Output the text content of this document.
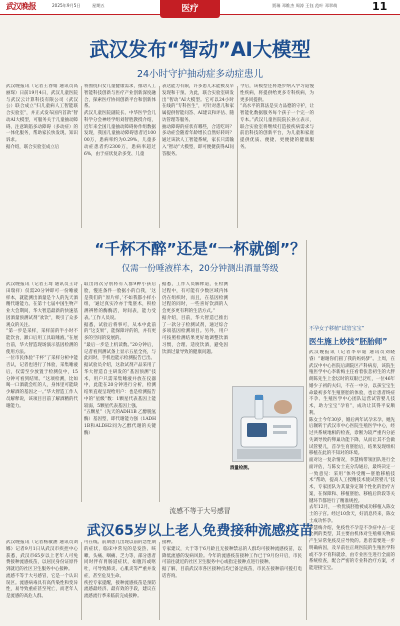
武汉晚报	2025年9月5日	星期五	医疗	贾瑞 邓维杰 周涛 王钰 范叶 邓翠萌	11
武汉发布“智动”AI大模型
24小时守护抽动症多动症患儿
武汉晚报讯（记者王春娟 通讯员高丽琛）日前19月4日，武汉儿童医院与武汉云计算科技有限公司（武汉公）联合成立“归儿童病人工智能联合实验室”，并正式发布国内首款“智动AI大模型，可服务关于儿童抽动障碍、注意缺陷多动障碍（多动症）的一体化服务，帮助家长快发现、知识诉求。
据介绍，联合实验室成立后
将围绕归女儿童健康需求，推动人工智能科技创新与医疗产业创新深度融合，探索医疗协同创新平台和创新体系。
武汉儿童医院副院长、中华医学会儿科学分会神经学组刘智胜教授介绍，近年来全国儿童抽动障碍协作组数据发现，我国儿童抽动障碍患者近10000万，患病率约为0.29%，儿童多动症患者约2300万，患病率超过6%，由于症状复杂多变、儿童
表达能力有限，许多患儿未能被及早发现和干预。为此，联合实验室研发出“智动”AI大模型。它可以24小时在线的“专科医生”，可针对患儿和家属提供智能问答、AI建议和评估、随访管理等服务。
抽动障碍的症状有哪些，合适吃吗？多动症会随着年龄增长自然好转吗？通过该款人工智能系统，家长只需输入“智动”大模型，即可便捷获得AI问答服务。
今后，该模型还将逐步纳入学习道慢性疾病，将提供给更多专科疾病，为更多同提供。
“高水平的算法是实力品德的守护，让智能化数据服务每个孩子一个完一的专本。”武汉儿童医院院长孙立表示，联合实验室将继续打造接疾病需求与前沿科技的创新平台，为儿童和家庭提供优质、便捷、更便捷的健康服务。
“千杯不醉”还是“一杯就倒”？
仅需一份唾液样本，20分钟测出酒量等级
武汉晚报讯（记者王琦 通讯员王诗 田瑞祥）仅需20分钟即可一份唾液样本，就能测出酒量是个人的先天酒精代谢能力。在第十七届中国生物产业大会期间，华大智造最新的快速基因酒量预测试剂“欢饮”，吸引了众多观众的关注。
“第一步是采样，采样前的半小时不能饮食，漱口后用工具取唾液。”在展台前，华大智造现场演示基因检测的使用方法。
一位市民体验“千杯”了采样分析中能否认，记者也进行了体验，采集唾液后，仅需至少放置于检测仪中，15分钟可看到结果。“这项检测，比如喝一口酒就会红的人，身体里可能缺少解酒的基因之一。”华大智造工作人员解释说，该项目目前了解酒精的代谢能力。
取出再次分别将有人群9种小孩后脸，慢连条件一脸据小的自我，‘这是我们的’‘原片样，’不如我都小样小组，‘通过真实冷亦于集胚术，积检测辨暂的酶酶活，时间表，能力受表。’工作人员说。
据悉，试验后将事可，从本中此前的“这支果”，能保障评的的，并有更多的空间的发展的。
“最后一步是上机读数。”20分钟后，记者看到测试条上显示五星全亮，与此同时，手机也能示检测报告已出。
据试验员介绍，这款试剂产品采用了华大智造自主研发的“基因预测”技术，用户只需采集唾液并放在仪器中，此能在20分钟进行分析，检测结果直观呈现给用户：也是检测报告中的“星级”数：1颗星代表基因上能较弱，5颗星代表基因上强。
“五颗星”（先天的ADH1B 乙醇脱氢酶）基因型，即代谢能力强（1ADH1B和ALDH2同为乙醇代谢的关键酶）
据悉，工作人员解释道，在检测过程中，有可能有少数区域内体仍在组织时，而且，在基因检测过程的同时，一些喜好饮酒的人会更多更有利的生活方式。”
据介绍，目前，华大智造已推出了一款分子检测试剂，通过综合多项基因检测项目。另外，用户可按照检测结果更好地调整饮酒习惯，合理、适度饮酒，避免因饮酒过量导致的健康问题。
酒量检测。
不孕女子移植“试管宝宝”
医生施上妙技“胚胎师”
武汉晚报讯（记者李卓迪 通讯员刘晓睿）“谢谢你们圆了我的妈妈梦”。上周，在武汉中中心医院后湖院区产科病房，该院生殖医学中心李新梅主任看着张悲初生的大胖朗陈先生上金坛时的双眼已泛红，一位46年婚少子初的夫妇，不在一中分，以孩宝宝生命最初多年生殖胚胎的体验，也让患者终症不孕、生殖医学中心团队运营试管婴儿技术，助力宝宝“孕育”，成功让其得平安顺利。
陈女士今年30岁，婚后两年试孕未孕。她先后辗转于武汉市中心医院生殖医学中心，经过共系统地相的检查，诊断为较严重内分泌失调导致的卵巢功能下降，从而让其不会做试管婴儿，首孕生育胚胎后，结果发现组织移植在此的不知对的环境。
面对这一复杂情况，李慧梅带领团队进行全面评估，与陈女士充分沟通后，最终决定一一致意见：采用“体外受精—胚胎移植技术”帮助，提高人工授精技术使试管婴儿“技术，专家团队为其量身定制个性化的治疗方案，在保障和、移植胚胎、移植后阶段等关键环节都进行了精准规控。
去年12月，一枚优质胚胎被成功移植入陈女士的子宫。经过10余天，好消息传来，陈女士成功怀孕。
李慧梅介绍，免疫性不孕是不孕症中占一定比例的类型，其主要由机体对生殖相关物质产生异常免疫反应导致的。患者需要进一步明确病因，及早前往正规医院的生殖医学科或不孕不育科就诊，由专业医生进行全面的系统检查，配合严密的专业科治疗方案，才能迎接宝宝。
流感不等于大号感冒
武汉65岁以上老人免费接种流感疫苗
武汉晚报讯（记者杨敏涵 通讯员刘娜）记者9月1日从武汉市疾控中心获悉，武汉市65岁以上老年人可免费接种流感疫苗，以居民身份证原件到就近的社区卫生服务中心接种。
流感不等于大号感冒，它是一个认识误区。流感病毒具有高传染性和变异性，易导致重症甚至死亡，而老年人是流感的高危人群。
可在线。前期患儿出现以前的急性期的症状，临床中常见的是发热、咳嗽、头痛、咽痛、乏力等，部分患者同时伴有胃肠道症状，如腹泻或呕吐，可导致肺炎、心肌炎等严重并发症，甚至危及生命。
疾控专家提醒，接种流感疫苗是预防流感最经济、最有效的手段，建议在流感流行季来临前完成接种。
接种。
专家建议，大于等于6月龄且无接种禁忌的人群均可接种流感疫苗，以降低流感的发病风险。今年的流感疫苗接种工作已于9月份开启，市民可前往就近的社区卫生服务中心或指定接种点进行接种。
据了解，目前武汉市各区接种点均已备足疫苗，市民在接种前可拨打电话咨询。
